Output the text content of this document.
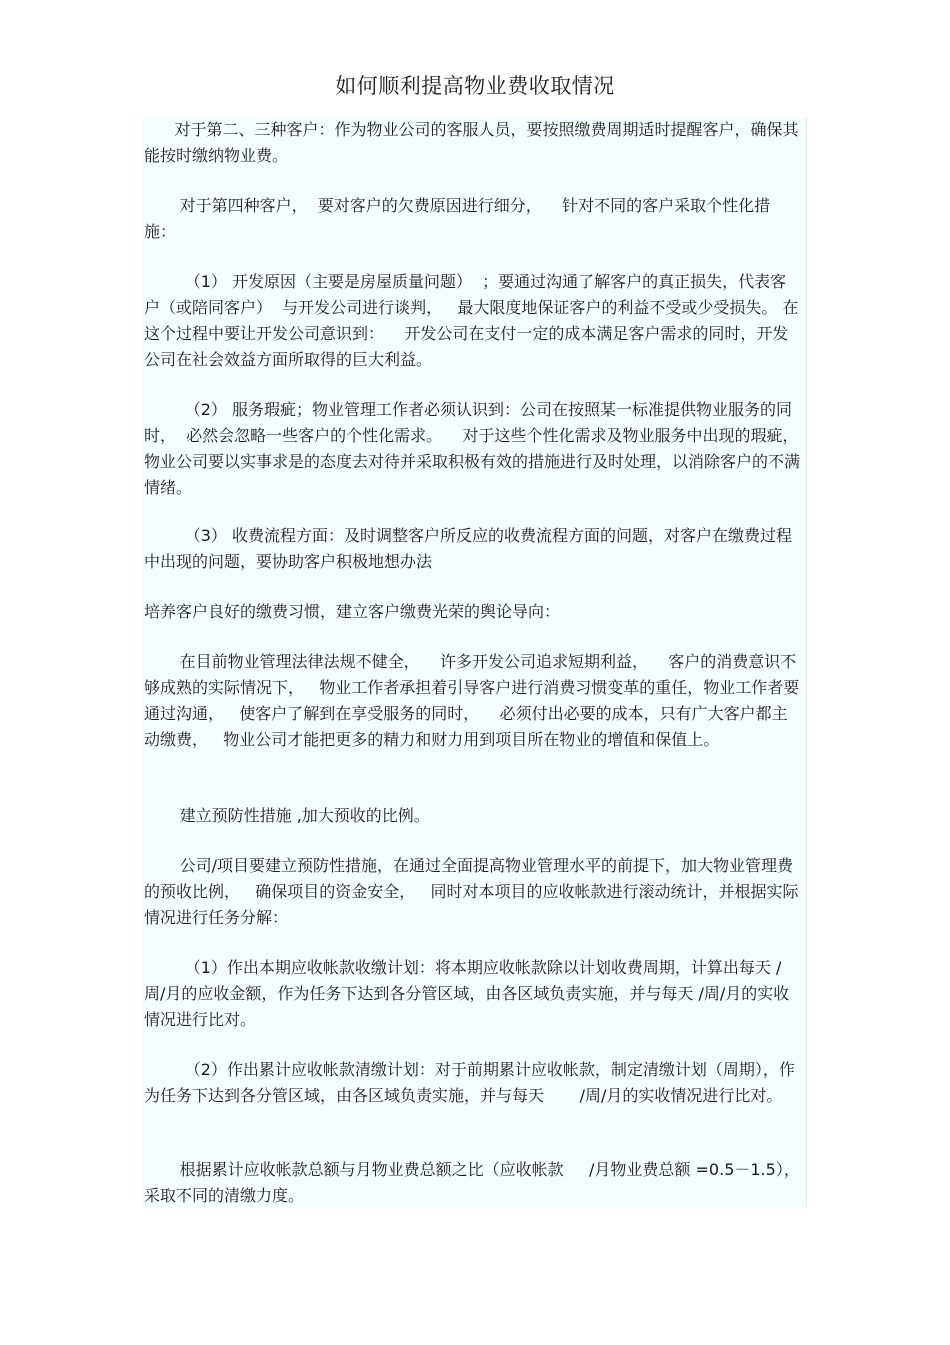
如何顺利提高物业费收取情况

对于第二、三种客户：作为物业公司的客服人员，要按照缴费周期适时提醒客户，确保其能按时缴纳物业费。

对于第四种客户，  要对客户的欠费原因进行细分，    针对不同的客户采取个性化措施：

（1） 开发原因（主要是房屋质量问题）  ；要通过沟通了解客户的真正损失，代表客户（或陪同客户）  与开发公司进行谈判，   最大限度地保证客户的利益不受或少受损失。 在这个过程中要让开发公司意识到：    开发公司在支付一定的成本满足客户需求的同时，开发公司在社会效益方面所取得的巨大利益。

（2） 服务瑕疵；物业管理工作者必须认识到：公司在按照某一标准提供物业服务的同时，  必然会忽略一些客户的个性化需求。    对于这些个性化需求及物业服务中出现的瑕疵，  物业公司要以实事求是的态度去对待并采取积极有效的措施进行及时处理，以消除客户的不满情绪。

（3） 收费流程方面：及时调整客户所反应的收费流程方面的问题，对客户在缴费过程中出现的问题，要协助客户积极地想办法

培养客户良好的缴费习惯，建立客户缴费光荣的舆论导向：

在目前物业管理法律法规不健全，    许多开发公司追求短期利益，    客户的消费意识不够成熟的实际情况下，   物业工作者承担着引导客户进行消费习惯变革的重任，物业工作者要通过沟通，   使客户了解到在享受服务的同时，    必须付出必要的成本，只有广大客户都主动缴费，   物业公司才能把更多的精力和财力用到项目所在物业的增值和保值上。

建立预防性措施 ,加大预收的比例。

公司/项目要建立预防性措施，在通过全面提高物业管理水平的前提下，加大物业管理费的预收比例，   确保项目的资金安全，   同时对本项目的应收帐款进行滚动统计，并根据实际情况进行任务分解：

（1）作出本期应收帐款收缴计划：将本期应收帐款除以计划收费周期，计算出每天 /周/月的应收金额，作为任务下达到各分管区域，由各区域负责实施，并与每天 /周/月的实收情况进行比对。

（2）作出累计应收帐款清缴计划：对于前期累计应收帐款，制定清缴计划（周期），作为任务下达到各分管区域，由各区域负责实施，并与每天       /周/月的实收情况进行比对。

根据累计应收帐款总额与月物业费总额之比（应收帐款     /月物业费总额 =0.5－1.5），采取不同的清缴力度。
